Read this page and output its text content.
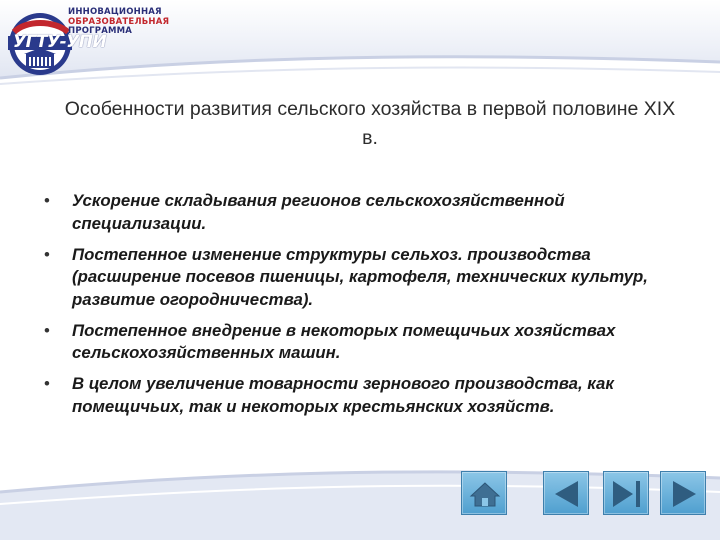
УГТУ-УПИ
ИННОВАЦИОННАЯ
ОБРАЗОВАТЕЛЬНАЯ
ПРОГРАММА
Особенности развития сельского хозяйства в первой половине XIX в.
• Ускорение складывания регионов сельскохозяйственной специализации.
• Постепенное изменение структуры сельхоз. производства (расширение посевов пшеницы, картофеля, технических культур, развитие огородничества).
• Постепенное внедрение в некоторых помещичьих хозяйствах сельскохозяйственных машин.
• В целом увеличение товарности зернового производства, как помещичьих, так и некоторых крестьянских хозяйств.
